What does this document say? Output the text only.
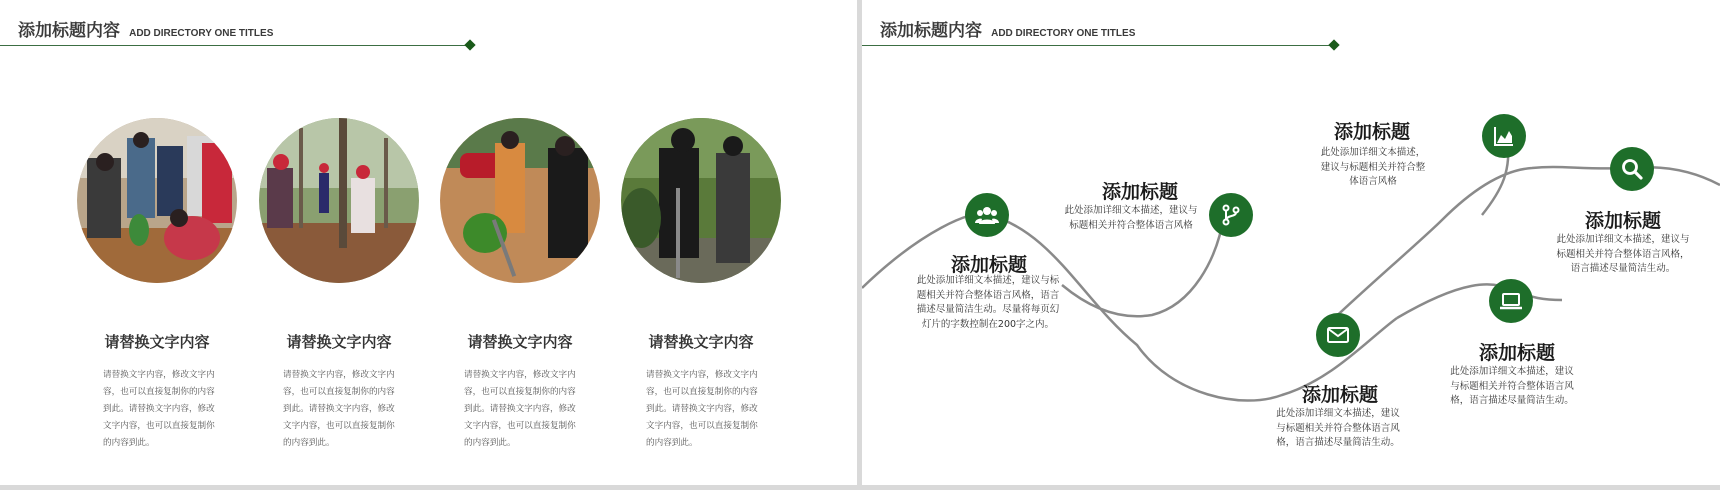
添加标题内容 ADD DIRECTORY ONE TITLES
请替换文字内容	请替换文字内容	请替换文字内容	请替换文字内容
请替换文字内容，修改文字内容，也可以直接复制你的内容到此。请替换文字内容，修改文字内容，也可以直接复制你的内容到此。
请替换文字内容，修改文字内容，也可以直接复制你的内容到此。请替换文字内容，修改文字内容，也可以直接复制你的内容到此。
请替换文字内容，修改文字内容，也可以直接复制你的内容到此。请替换文字内容，修改文字内容，也可以直接复制你的内容到此。
请替换文字内容，修改文字内容，也可以直接复制你的内容到此。请替换文字内容，修改文字内容，也可以直接复制你的内容到此。
添加标题内容 ADD DIRECTORY ONE TITLES
添加标题
此处添加详细文本描述，建议与标题相关并符合整体语言风格，语言描述尽量简洁生动。尽量将每页幻灯片的字数控制在200字之内。
添加标题
此处添加详细文本描述，建议与标题相关并符合整体语言风格
添加标题
此处添加详细文本描述，建议与标题相关并符合整体语言风格，语言描述尽量简洁生动。
添加标题
此处添加详细文本描述，建议与标题相关并符合整体语言风格
添加标题
此处添加详细文本描述，建议与标题相关并符合整体语言风格，语言描述尽量简洁生动。
添加标题
此处添加详细文本描述，建议与标题相关并符合整体语言风格，语言描述尽量简洁生动。
